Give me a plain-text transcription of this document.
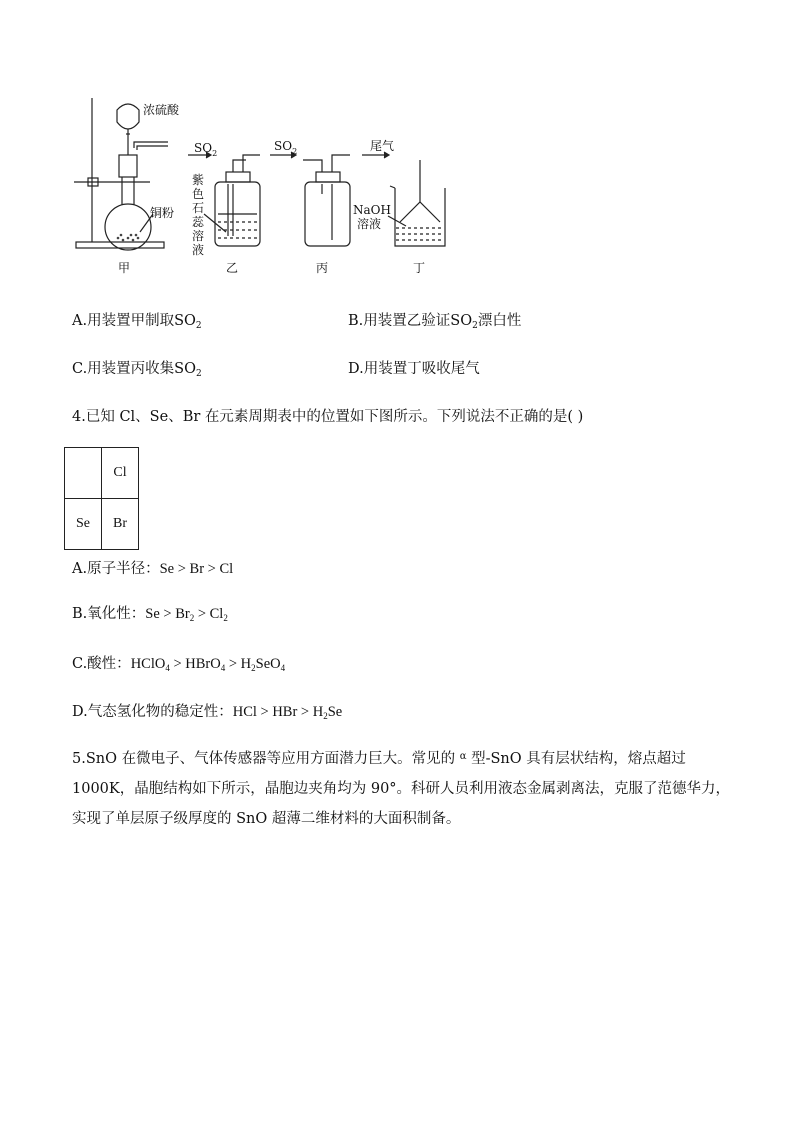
浓硫酸
铜粉
$SO_2$
$SO_2$	尾气
紫
色
石
蕊
溶
液
NaOH
溶液
甲	乙	丙	丁
A.用装置甲制取$SO_2$	B.用装置乙验证$SO_2$漂白性
C.用装置丙收集$SO_2$	D.用装置丁吸收尾气
4.已知 Cl、Se、Br 在元素周期表中的位置如下图所示。下列说法不正确的是( )
	Cl
Se	Br
A.原子半径：Se > Br > Cl
B.氧化性：$Se > Br_2 > Cl_2$
C.酸性：HClO$_4$ > HBrO$_4$ > $H_2SeO_4$
D.气态氢化物的稳定性：HCl > HBr > $H_2Se$
5.SnO 在微电子、气体传感器等应用方面潜力巨大。常见的 $^\alpha$ 型-SnO 具有层状结构，熔点超过 1000K，晶胞结构如下所示，晶胞边夹角均为 90°。科研人员利用液态金属剥离法，克服了范德华力，实现了单层原子级厚度的 SnO 超薄二维材料的大面积制备。
